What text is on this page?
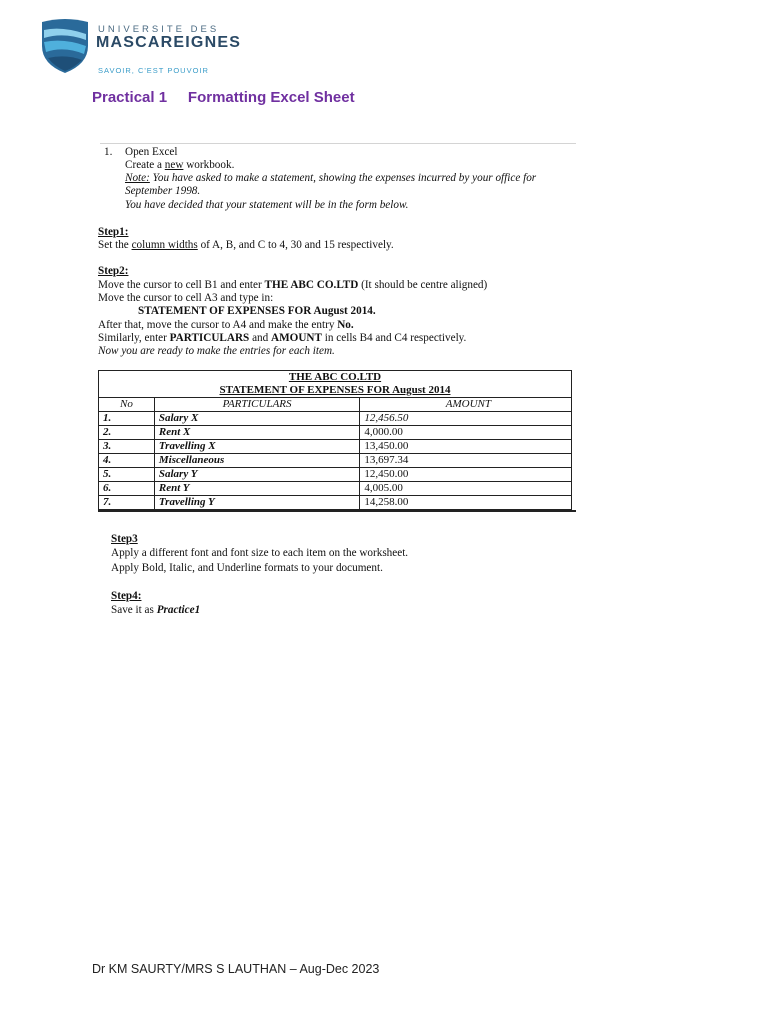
UNIVERSITE DES
MASCAREIGNES
SAVOIR, C'EST POUVOIR
Practical 1 Formatting Excel Sheet
1. Open Excel
Create a new workbook.
Note: You have asked to make a statement, showing the expenses incurred by your office for
September 1998.
You have decided that your statement will be in the form below.
Step1:
Set the column widths of A, B, and C to 4, 30 and 15 respectively.
Step2:
Move the cursor to cell B1 and enter THE ABC CO.LTD (It should be centre aligned)
Move the cursor to cell A3 and type in:
STATEMENT OF EXPENSES FOR August 2014.
After that, move the cursor to A4 and make the entry No.
Similarly, enter PARTICULARS and AMOUNT in cells B4 and C4 respectively.
Now you are ready to make the entries for each item.
Step3
Apply a different font and font size to each item on the worksheet.
Apply Bold, Italic, and Underline formats to your document.
Step4:
Save it as Practice1
THE ABC CO.LTD		
STATEMENT OF EXPENSES FOR August 2014		
No	PARTICULARS	AMOUNT
1.	Salary X	12,456.50
2.	Rent X	4,000.00
3.	Travelling X	13,450.00
4.	Miscellaneous	13,697.34
5.	Salary Y	12,450.00
6.	Rent Y	4,005.00
7.	Travelling Y	14,258.00
Dr KM SAURTY/MRS S LAUTHAN – Aug-Dec 2023
